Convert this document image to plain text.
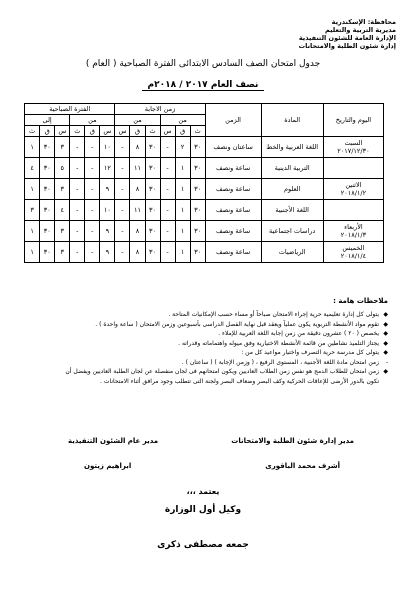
محافظة: الإسكندرية
مديرية التربية والتعليم
الإدارة العامة للشئون التنفيذية
إدارة شئون الطلبة والامتحانات
جدول امتحان الصف السادس الابتدائى الفترة الصباحية ( العام )
نصف العام ٢٠١٧ / ٢٠١٨م
اليوم والتاريخ	المادة	الزمن	زمن الاجابة						الفترة الصباحية					
			من			من			من			إلى		
			ث	ق	س	ث	ق	س	س	ق	ث	س	ق	ث

السبت
٢٠١٧/١٢/٣٠	اللغة العربية والخط	ساعتان ونصف	٣٠	٢	-	٣٠	٨	-	١٠	-	-	٣	٣٠	١

	التربية الدينية	ساعة ونصف	٣٠	١	-	٣٠	١١	-	١٢	-	-	٥	٣٠	٤

الاثنين
٢٠١٨/١/٢	العلوم	ساعة ونصف	٣٠	١	-	٣٠	٨	-	٩	-	-	٣	٣٠	١

	اللغة الأجنبية	ساعة ونصف	٣٠	١	-	٣٠	١١	-	١٠	-	-	٤	٣٠	٣

الأربعاء
٢٠١٨/١/٣	دراسات اجتماعية	ساعة ونصف	٣٠	١	-	٣٠	٨	-	٩	-	-	٣	٣٠	١

الخميس
٢٠١٨/١/٤	الرياضيات	ساعة ونصف	٣٠	١	-	٣٠	٨	-	٩	-	-	٣	٣٠	١
ملاحظات هامة :
◆
يتولى كل إدارة تعليمية حرية إجراء الامتحان صباحاً أو مساء حسب الإمكانيات المتاحة .
◆
تقوم مواد الأنشطة التربوية يكون عملياً ويعقد قبل نهاية الفصل الدراسى بأسبوعين وزمن الامتحان ( ساعة واحدة ) .
◆
يخصص ( ٢٠ ) عشرون دقيقة من زمن إجابة اللغة العربية للإملاء .
◆
يجتاز التلميذ نشاطين من قائمة الأنشطة الاختيارية وفق ميوله واهتماماته وقدراته .
◆
يتولى كل مدرسة حرية التصرف واختيار مواعيد كل من :
-
زمن امتحان مادة اللغة الأجنبية ، المستوى الرفيع ، ( وزمن الإجابة ) ( ساعتان ) .
◆
زمن امتحان للطلاب الدمج هو نفس زمن الطلاب العاديين ويكون امتحانهم فى لجان منفصلة عن لجان الطلبة العاديين ويفضل أن
تكون بالدور الأرضى للإعاقات الحركية وكف البصر وضعاف البصر ولجنة التى تتطلب وجود مرافق أثناء الامتحانات .
مدير إدارة شئون الطلبة والامتحانات
أشرف محمد الباقورى
مدير عام الشئون التنفيذية
ابراهيم زيتون
يعتمد ،،،
وكيل أول الوزارة
جمعه مصطفى ذكرى
